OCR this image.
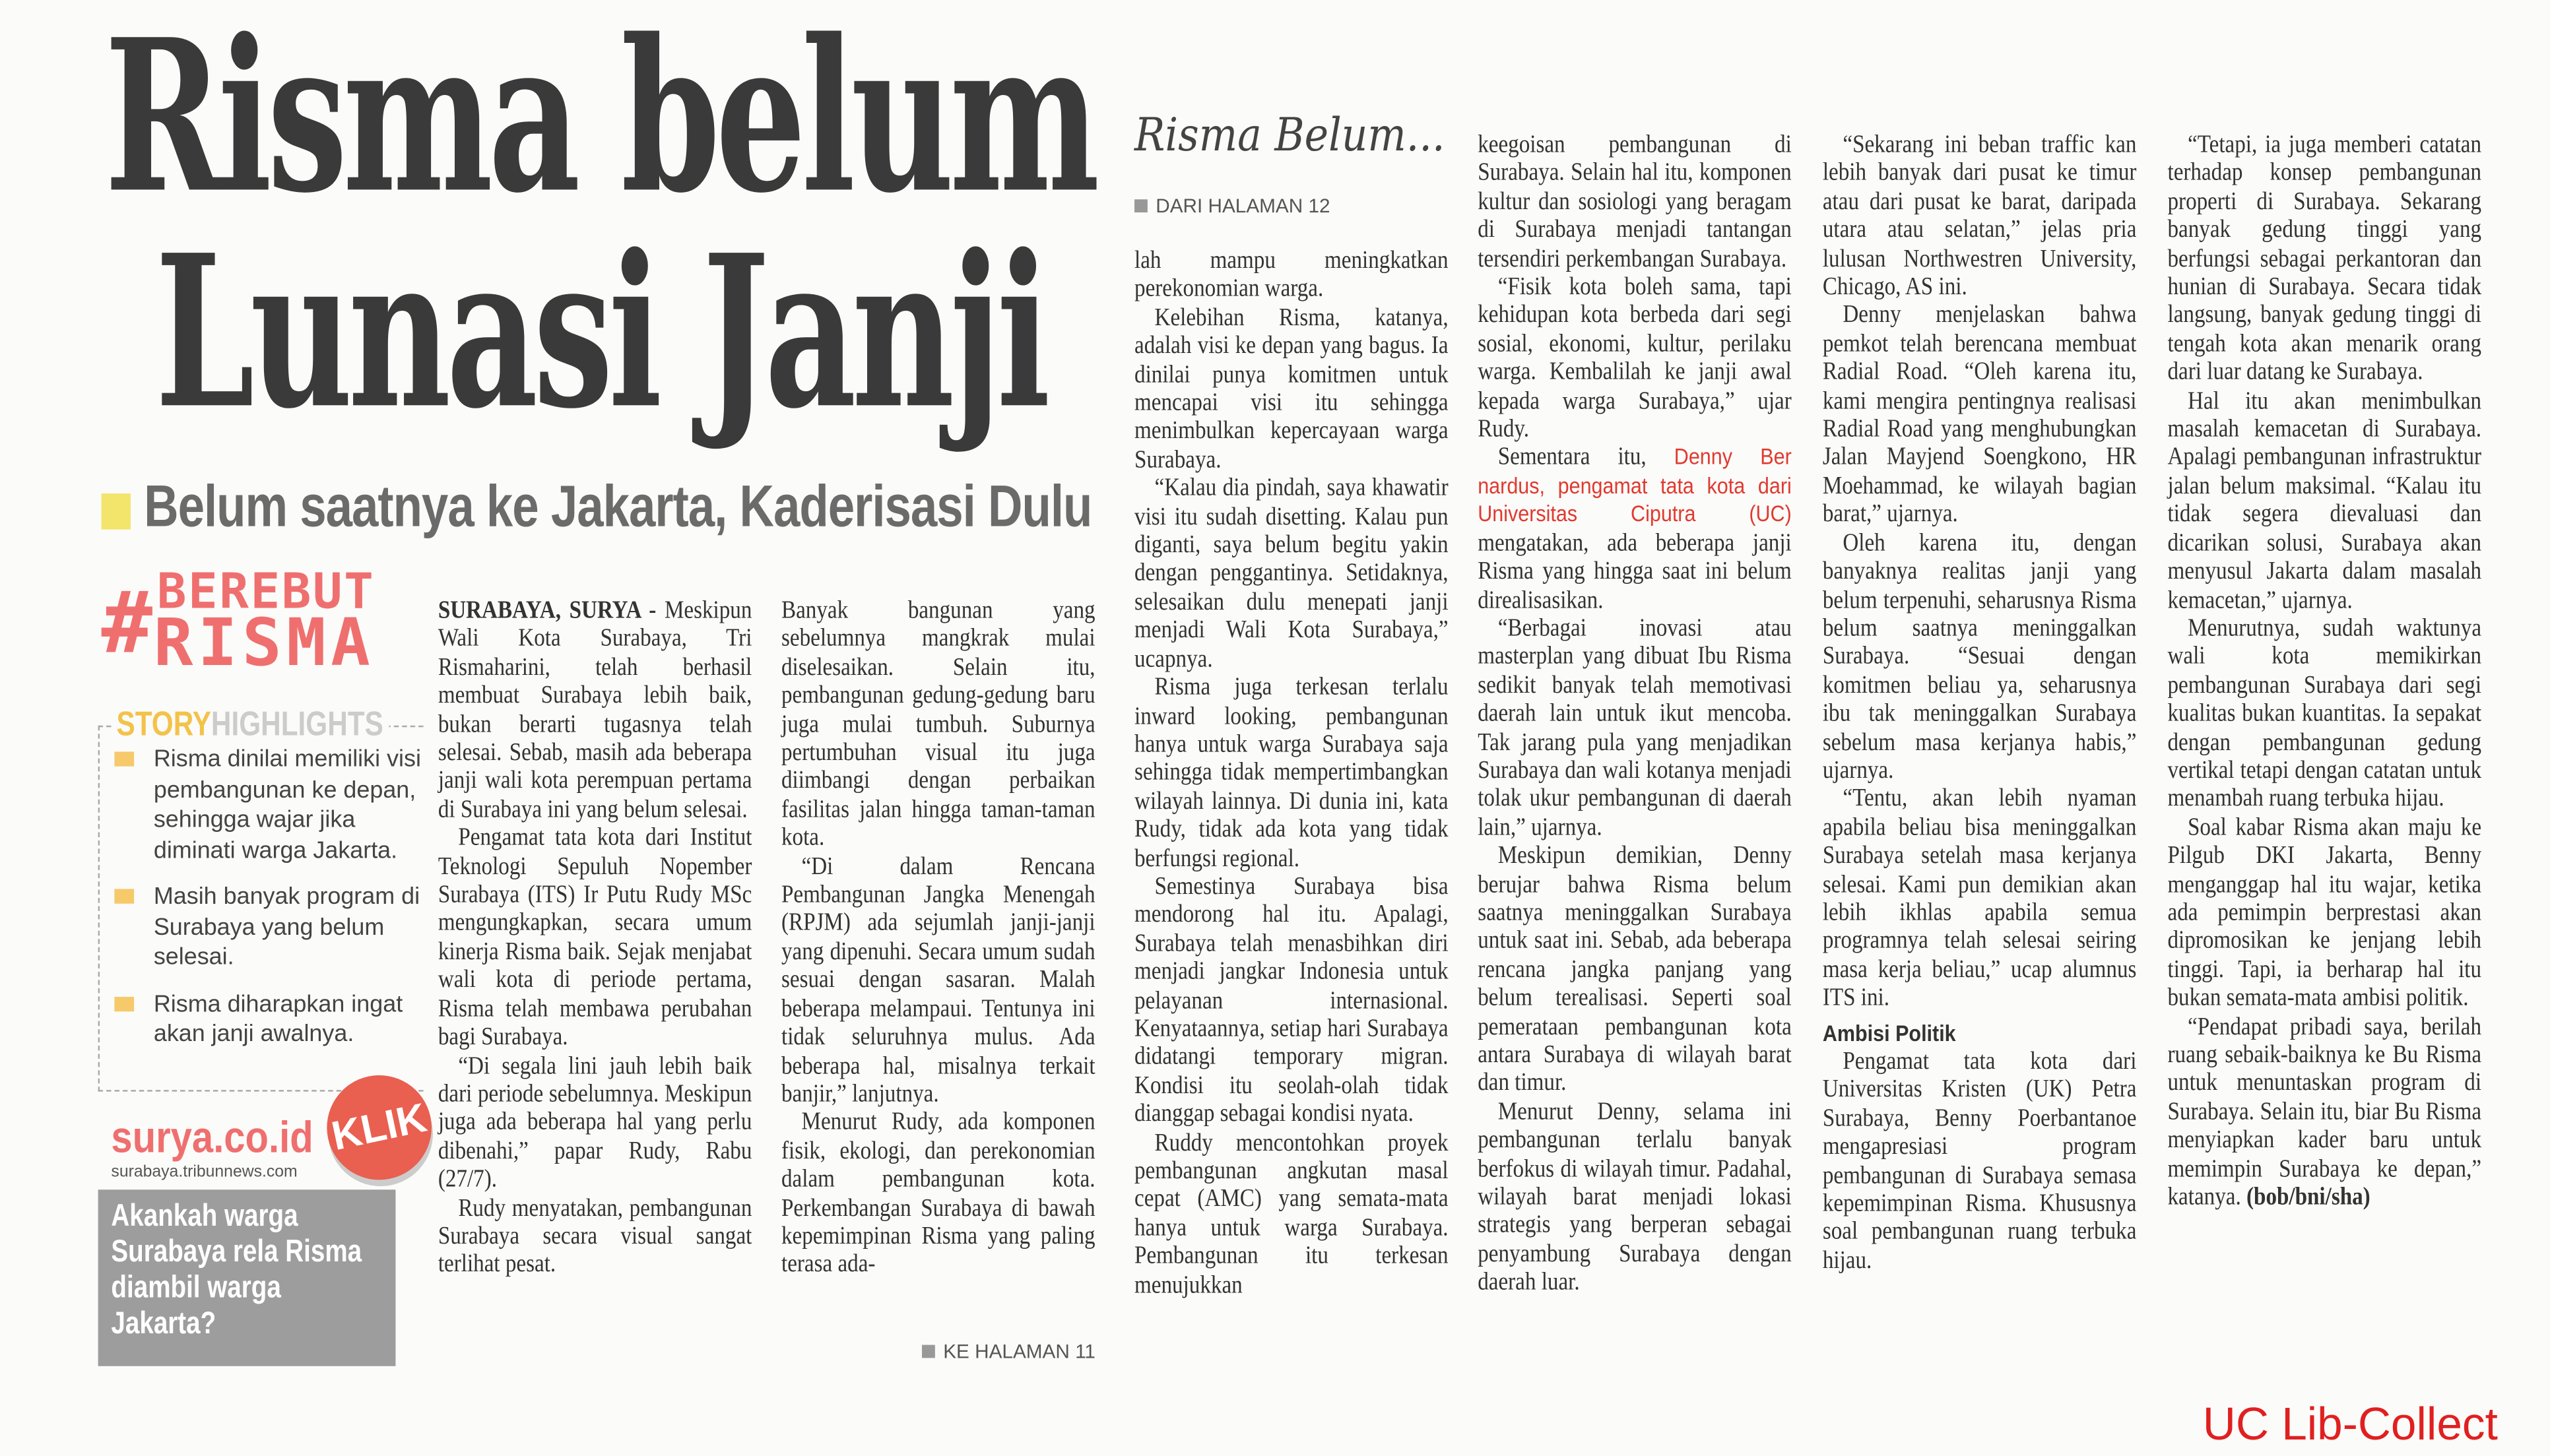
Risma belum
Lunasi Janji
Belum saatnya ke Jakarta, Kaderisasi Dulu
# BEREBUT
RISMA
STORYHIGHLIGHTS
Risma dinilai memiliki visi pembangunan ke depan, sehingga wajar jika diminati warga Jakarta.
Masih banyak program di Surabaya yang belum selesai.
Risma diharapkan ingat akan janji awalnya.
surya.co.id
surabaya.tribunnews.com
Akankah warga Surabaya rela Risma diambil warga Jakarta?
KLIK

SURABAYA, SURYA - Meskipun Wali Kota Surabaya, Tri Rismaharini, telah berhasil membuat Surabaya lebih baik, bukan berarti tugasnya telah selesai. Sebab, masih ada beberapa janji wali kota perempuan pertama di Surabaya ini yang belum selesai.

Pengamat tata kota dari Institut Teknologi Sepuluh Nopember Surabaya (ITS) Ir Putu Rudy MSc mengungkapkan, secara umum kinerja Risma baik. Sejak menjabat wali kota di periode pertama, Risma telah membawa perubahan bagi Surabaya.

“Di segala lini jauh lebih baik dari periode sebelumnya. Meskipun juga ada beberapa hal yang perlu dibenahi,” papar Rudy, Rabu (27/7).

Rudy menyatakan, pembangunan Surabaya secara visual sangat terlihat pesat.

Banyak bangunan yang sebelumnya mangkrak mulai diselesaikan. Selain itu, pembangunan gedung-gedung baru juga mulai tumbuh. Suburnya pertumbuhan visual itu juga diimbangi dengan perbaikan fasilitas jalan hingga taman-taman kota.

“Di dalam Rencana Pembangunan Jangka Menengah (RPJM) ada sejumlah janji-janji yang dipenuhi. Secara umum sudah sesuai dengan sasaran. Malah beberapa melampaui. Tentunya ini tidak seluruhnya mulus. Ada beberapa hal, misalnya terkait banjir,” lanjutnya.

Menurut Rudy, ada komponen fisik, ekologi, dan perekonomian dalam pembangunan kota. Perkembangan Surabaya di bawah kepemimpinan Risma yang paling terasa ada-

KE HALAMAN 11
Risma Belum...
DARI HALAMAN 12

lah mampu meningkatkan perekonomian warga.

Kelebihan Risma, katanya, adalah visi ke depan yang bagus. Ia dinilai punya komitmen untuk mencapai visi itu sehingga menimbulkan kepercayaan warga Surabaya.

“Kalau dia pindah, saya khawatir visi itu sudah disetting. Kalau pun diganti, saya belum begitu yakin dengan penggantinya. Setidaknya, selesaikan dulu menepati janji menjadi Wali Kota Surabaya,” ucapnya.

Risma juga terkesan terlalu inward looking, pembangunan hanya untuk warga Surabaya saja sehingga tidak mempertimbangkan wilayah lainnya. Di dunia ini, kata Rudy, tidak ada kota yang tidak berfungsi regional.

Semestinya Surabaya bisa mendorong hal itu. Apalagi, Surabaya telah menasbihkan diri menjadi jangkar Indonesia untuk pelayanan internasional. Kenyataannya, setiap hari Surabaya didatangi temporary migran. Kondisi itu seolah-olah tidak dianggap sebagai kondisi nyata.

Ruddy mencontohkan proyek pembangunan angkutan masal cepat (AMC) yang semata-mata hanya untuk warga Surabaya. Pembangunan itu terkesan menujukkan

keegoisan pembangunan di Surabaya. Selain hal itu, komponen kultur dan sosiologi yang beragam di Surabaya menjadi tantangan tersendiri perkembangan Surabaya.

“Fisik kota boleh sama, tapi kehidupan kota berbeda dari segi sosial, ekonomi, kultur, perilaku warga. Kembalilah ke janji awal kepada warga Surabaya,” ujar Rudy.

Sementara itu, Denny Ber nardus, pengamat tata kota dari Universitas Ciputra (UC) mengatakan, ada beberapa janji Risma yang hingga saat ini belum direalisasikan.

“Berbagai inovasi atau masterplan yang dibuat Ibu Risma sedikit banyak telah memotivasi daerah lain untuk ikut mencoba. Tak jarang pula yang menjadikan Surabaya dan wali kotanya menjadi tolak ukur pembangunan di daerah lain,” ujarnya.

Meskipun demikian, Denny berujar bahwa Risma belum saatnya meninggalkan Surabaya untuk saat ini. Sebab, ada beberapa rencana jangka panjang yang belum terealisasi. Seperti soal pemerataan pembangunan kota antara Surabaya di wilayah barat dan timur.

Menurut Denny, selama ini pembangunan terlalu banyak berfokus di wilayah timur. Padahal, wilayah barat menjadi lokasi strategis yang berperan sebagai penyambung Surabaya dengan daerah luar.

“Sekarang ini beban traffic kan lebih banyak dari pusat ke timur atau dari pusat ke barat, daripada utara atau selatan,” jelas pria lulusan Northwestren University, Chicago, AS ini.

Denny menjelaskan bahwa pemkot telah berencana membuat Radial Road. “Oleh karena itu, kami mengira pentingnya realisasi Radial Road yang menghubungkan Jalan Mayjend Soengkono, HR Moehammad, ke wilayah bagian barat,” ujarnya.

Oleh karena itu, dengan banyaknya realitas janji yang belum terpenuhi, seharusnya Risma belum saatnya meninggalkan Surabaya. “Sesuai dengan komitmen beliau ya, seharusnya ibu tak meninggalkan Surabaya sebelum masa kerjanya habis,” ujarnya.

“Tentu, akan lebih nyaman apabila beliau bisa meninggalkan Surabaya setelah masa kerjanya selesai. Kami pun demikian akan lebih ikhlas apabila semua programnya telah selesai seiring masa kerja beliau,” ucap alumnus ITS ini.

Ambisi Politik

Pengamat tata kota dari Universitas Kristen (UK) Petra Surabaya, Benny Poerbantanoe mengapresiasi program pembangunan di Surabaya semasa kepemimpinan Risma. Khususnya soal pembangunan ruang terbuka hijau.

“Tetapi, ia juga memberi catatan terhadap konsep pembangunan properti di Surabaya. Sekarang banyak gedung tinggi yang berfungsi sebagai perkantoran dan hunian di Surabaya. Secara tidak langsung, banyak gedung tinggi di tengah kota akan menarik orang dari luar datang ke Surabaya.

Hal itu akan menimbulkan masalah kemacetan di Surabaya. Apalagi pembangunan infrastruktur jalan belum maksimal. “Kalau itu tidak segera dievaluasi dan dicarikan solusi, Surabaya akan menyusul Jakarta dalam masalah kemacetan,” ujarnya.

Menurutnya, sudah waktunya wali kota memikirkan pembangunan Surabaya dari segi kualitas bukan kuantitas. Ia sepakat dengan pembangunan gedung vertikal tetapi dengan catatan untuk menambah ruang terbuka hijau.

Soal kabar Risma akan maju ke Pilgub DKI Jakarta, Benny menganggap hal itu wajar, ketika ada pemimpin berprestasi akan dipromosikan ke jenjang lebih tinggi. Tapi, ia berharap hal itu bukan semata-mata ambisi politik.

“Pendapat pribadi saya, berilah ruang sebaik-baiknya ke Bu Risma untuk menuntaskan program di Surabaya. Selain itu, biar Bu Risma menyiapkan kader baru untuk memimpin Surabaya ke depan,” katanya. (bob/bni/sha)

UC Lib-Collect
